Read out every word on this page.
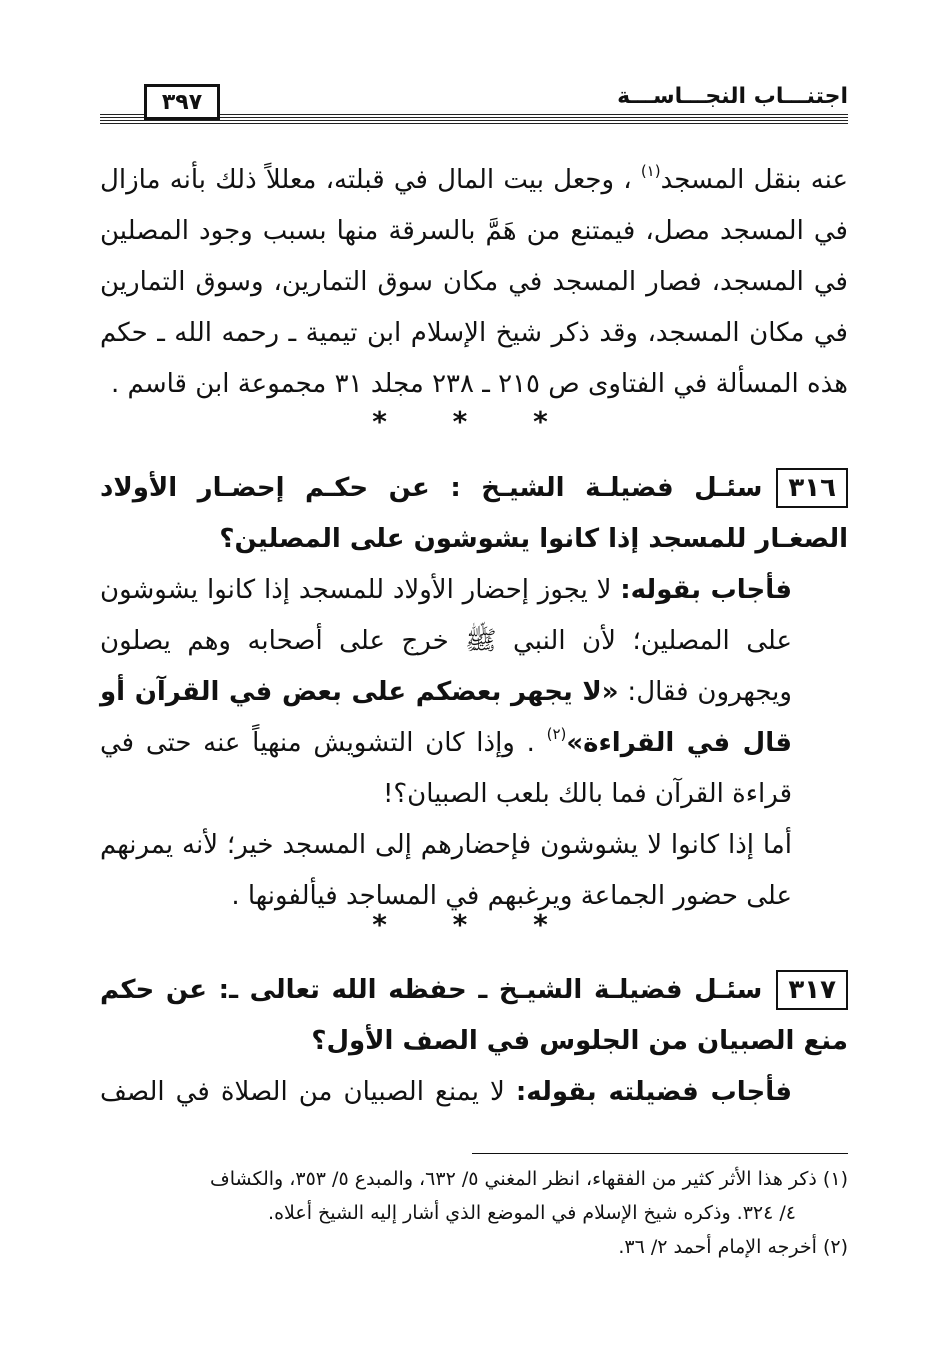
٣٩٧	اجتنـــاب النجـــاســـة

عنه بنقل المسجد$^{(١)}$ ، وجعل بيت المال في قبلته، معللاً ذلك بأنه مازال في المسجد مصل، فيمتنع من هَمَّ بالسرقة منها بسبب وجود المصلين في المسجد، فصار المسجد في مكان سوق التمارين، وسوق التمارين في مكان المسجد، وقد ذكر شيخ الإسلام ابن تيمية ـ رحمه الله ـ حكم هذه المسألة في الفتاوى ص ٢١٥ ـ ٢٣٨ مجلد ٣١ مجموعة ابن قاسم .

* * *

٣١٦سئـل فضيلـة الشيـخ : عن حكـم إحضـار الأولاد الصغـار للمسجد إذا كانوا يشوشون على المصلين؟

فأجاب بقوله: لا يجوز إحضار الأولاد للمسجد إذا كانوا يشوشون على المصلين؛ لأن النبي ﷺ خرج على أصحابه وهم يصلون ويجهرون فقال: «لا يجهر بعضكم على بعض في القرآن أو قال في القراءة»$^{(٢)}$ . وإذا كان التشويش منهياً عنه حتى في قراءة القرآن فما بالك بلعب الصبيان؟!

أما إذا كانوا لا يشوشون فإحضارهم إلى المسجد خير؛ لأنه يمرنهم على حضور الجماعة ويرغبهم في المساجد فيألفونها .

* * *

٣١٧سئـل فضيلـة الشيـخ ـ حفظه الله تعالى ـ: عن حكم منع الصبيان من الجلوس في الصف الأول؟

فأجاب فضيلته بقوله: لا يمنع الصبيان من الصلاة في الصف

(١) ذكر هذا الأثر كثير من الفقهاء، انظر المغني ٥/ ٦٣٢، والمبدع ٥/ ٣٥٣، والكشاف

٤/ ٣٢٤. وذكره شيخ الإسلام في الموضع الذي أشار إليه الشيخ أعلاه.

(٢) أخرجه الإمام أحمد ٢/ ٣٦.
